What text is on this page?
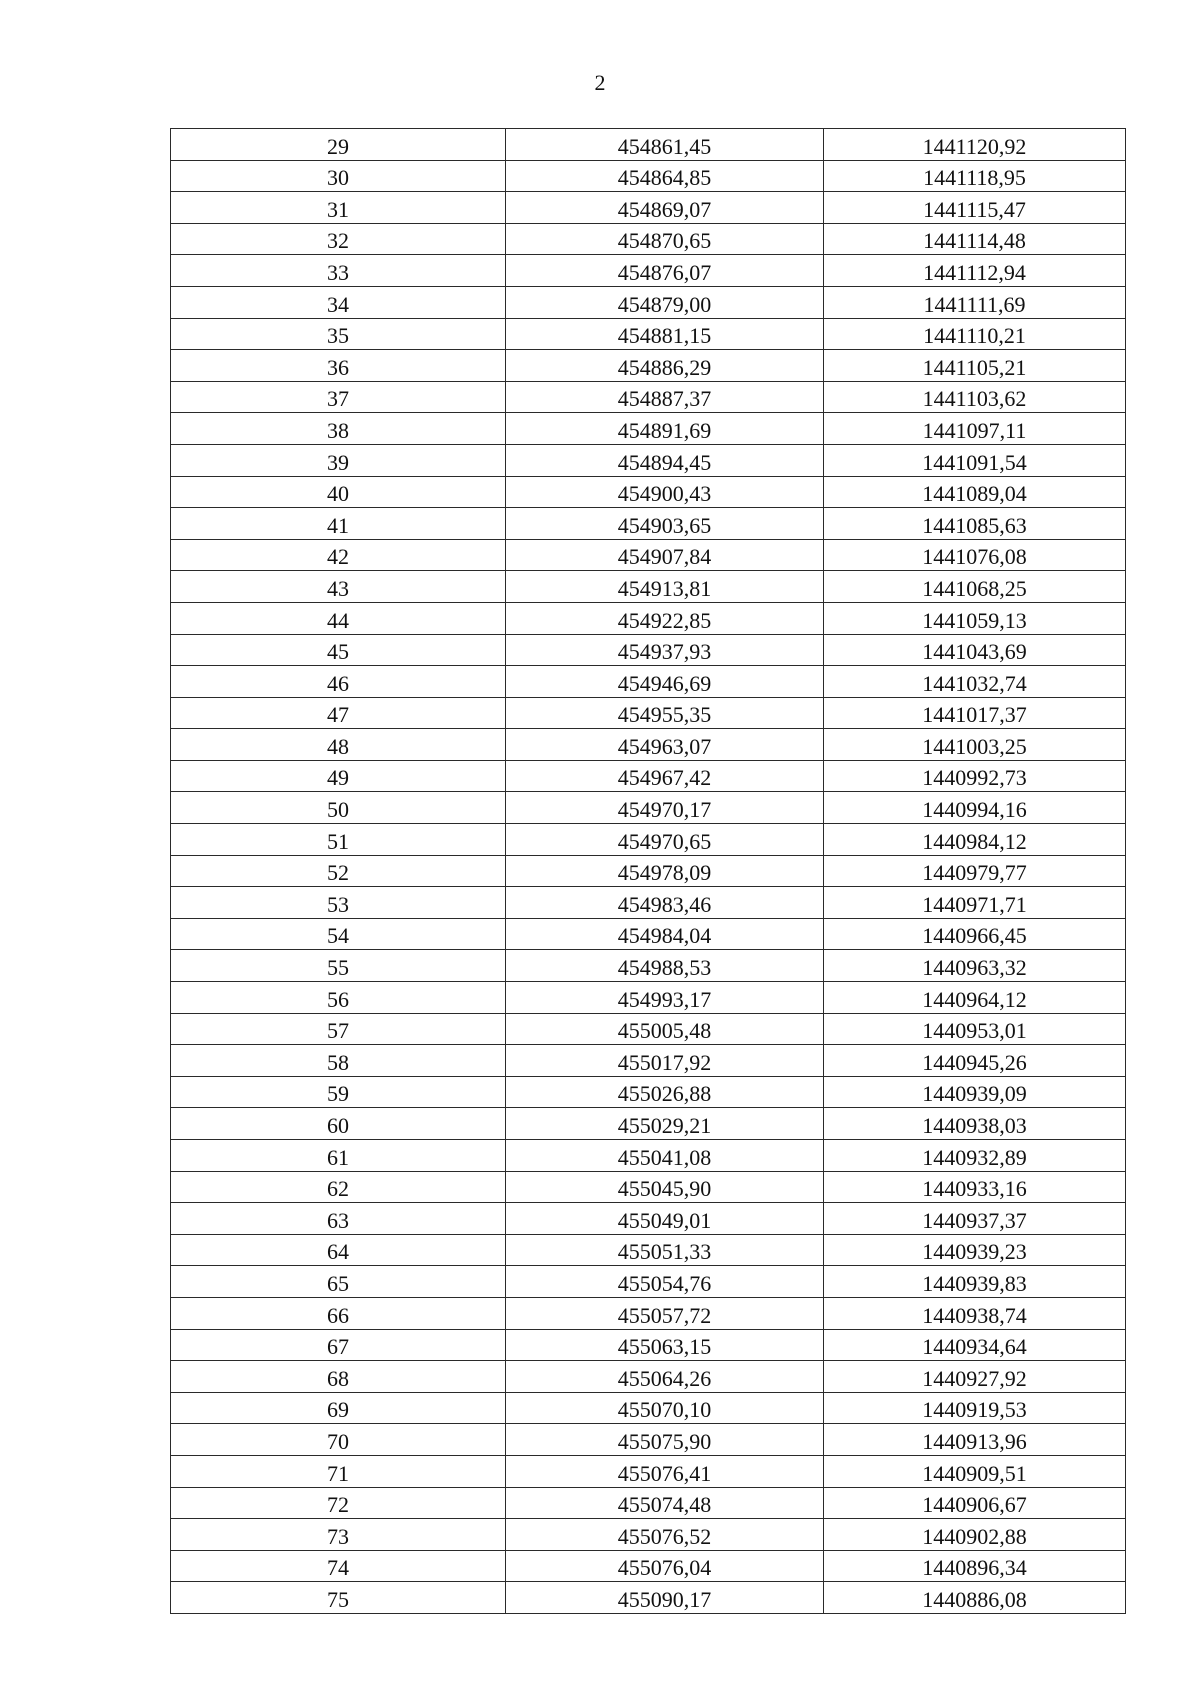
2
29	454861,45	1441120,92
30	454864,85	1441118,95
31	454869,07	1441115,47
32	454870,65	1441114,48
33	454876,07	1441112,94
34	454879,00	1441111,69
35	454881,15	1441110,21
36	454886,29	1441105,21
37	454887,37	1441103,62
38	454891,69	1441097,11
39	454894,45	1441091,54
40	454900,43	1441089,04
41	454903,65	1441085,63
42	454907,84	1441076,08
43	454913,81	1441068,25
44	454922,85	1441059,13
45	454937,93	1441043,69
46	454946,69	1441032,74
47	454955,35	1441017,37
48	454963,07	1441003,25
49	454967,42	1440992,73
50	454970,17	1440994,16
51	454970,65	1440984,12
52	454978,09	1440979,77
53	454983,46	1440971,71
54	454984,04	1440966,45
55	454988,53	1440963,32
56	454993,17	1440964,12
57	455005,48	1440953,01
58	455017,92	1440945,26
59	455026,88	1440939,09
60	455029,21	1440938,03
61	455041,08	1440932,89
62	455045,90	1440933,16
63	455049,01	1440937,37
64	455051,33	1440939,23
65	455054,76	1440939,83
66	455057,72	1440938,74
67	455063,15	1440934,64
68	455064,26	1440927,92
69	455070,10	1440919,53
70	455075,90	1440913,96
71	455076,41	1440909,51
72	455074,48	1440906,67
73	455076,52	1440902,88
74	455076,04	1440896,34
75	455090,17	1440886,08
